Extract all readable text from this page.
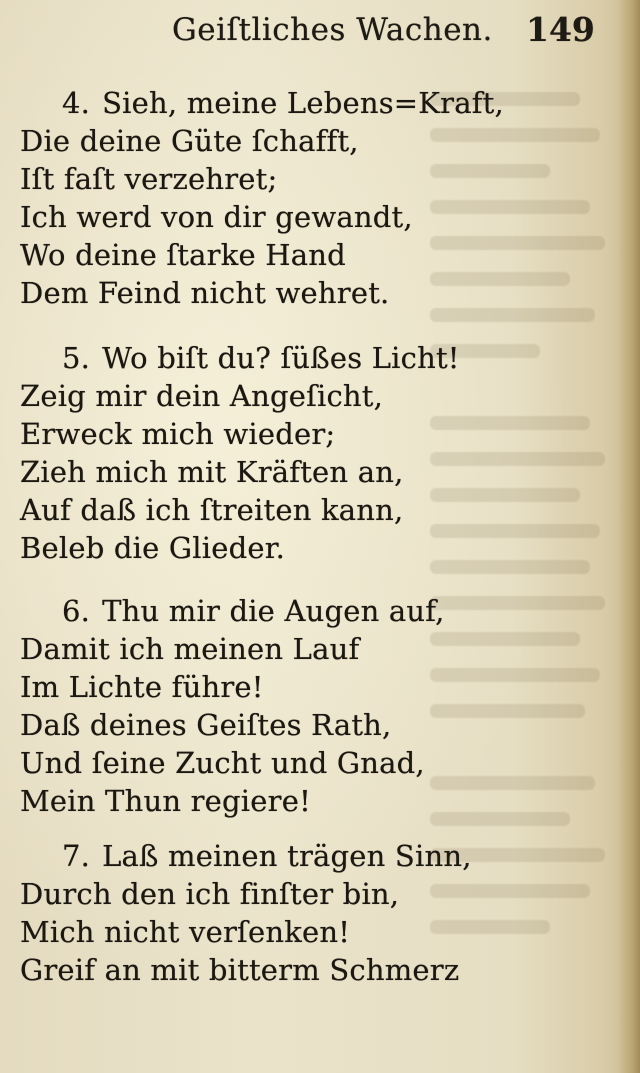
Geiſtliches Wachen. 149
4. Sieh, meine Lebens=Kraft,
Die deine Güte ſchafft,
Iſt faſt verzehret;
Ich werd von dir gewandt,
Wo deine ſtarke Hand
Dem Feind nicht wehret.
5. Wo biſt du? ſüßes Licht!
Zeig mir dein Angeſicht,
Erweck mich wieder;
Zieh mich mit Kräften an,
Auf daß ich ſtreiten kann,
Beleb die Glieder.
6. Thu mir die Augen auf,
Damit ich meinen Lauf
Im Lichte führe!
Daß deines Geiſtes Rath,
Und ſeine Zucht und Gnad,
Mein Thun regiere!
7. Laß meinen trägen Sinn,
Durch den ich finſter bin,
Mich nicht verſenken!
Greif an mit bitterm Schmerz
